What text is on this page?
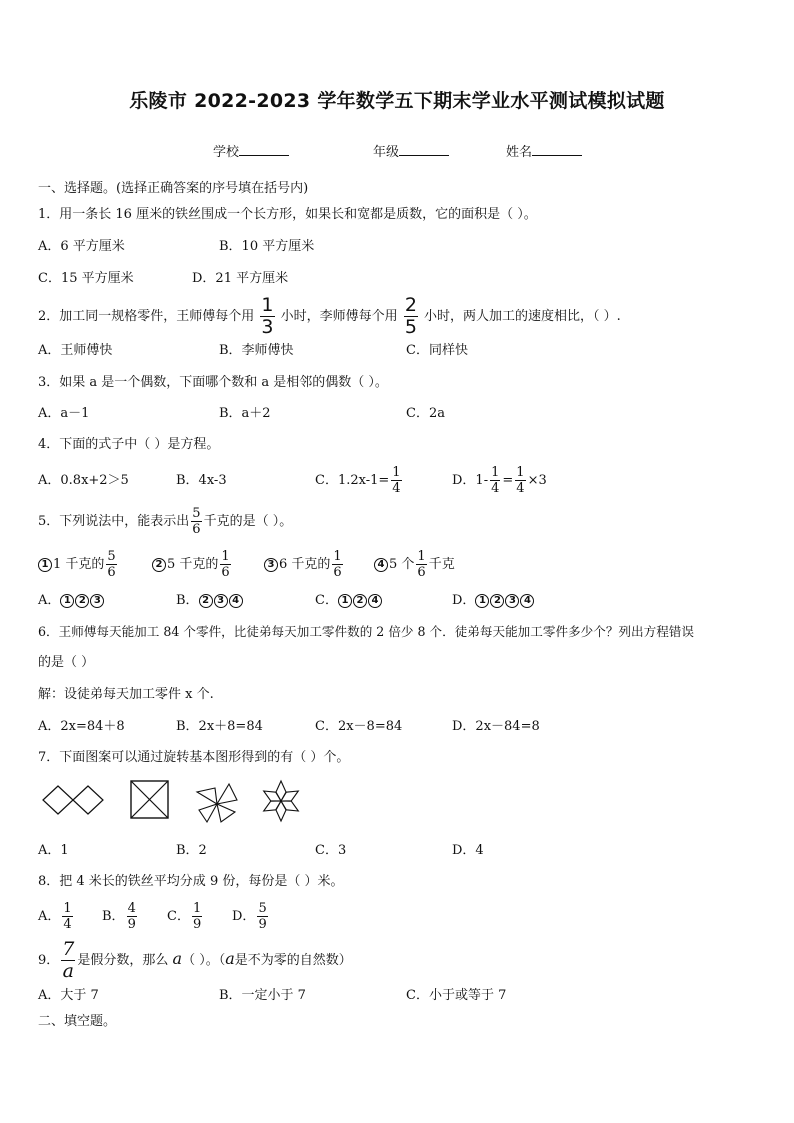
乐陵市 2022-2023 学年数学五下期末学业水平测试模拟试题
学校	年级	姓名
一、选择题。(选择正确答案的序号填在括号内)
1．用一条长 16 厘米的铁丝围成一个长方形，如果长和宽都是质数，它的面积是（ ）。
A．6 平方厘米	B．10 平方厘米
C．15 平方厘米	D．21 平方厘米
2．加工同一规格零件，王师傅每个用 $\frac{1}{3}$ 小时，李师傅每个用 $\frac{2}{5}$ 小时，两人加工的速度相比，（ ）.
A．王师傅快	B．李师傅快	C．同样快
3．如果 a 是一个偶数，下面哪个数和 a 是相邻的偶数（ ）。
A．a－1	B．a＋2	C．2a
4．下面的式子中（ ）是方程。
A．0.8x+2＞5	B．4x-3	C．$1.2x-1= \frac{1}{4}$	D．$1- \frac{1}{4} = \frac{1}{4} \times 3$
5．下列说法中，能表示出 $\frac{5}{6}$ 千克的是（ ）。
1 1 千克的 $\frac{5}{6}$	2 5 千克的 $\frac{1}{6}$	3 6 千克的 $\frac{1}{6}$	4 5 个 $\frac{1}{6}$ 千克
A． 1 2 3	B． 2 3 4	C． 1 2 4	D． 1 2 3 4
6．王师傅每天能加工 84 个零件，比徒弟每天加工零件数的 2 倍少 8 个．徒弟每天能加工零件多少个？列出方程错误
的是（ ）
解：设徒弟每天加工零件 x 个.
A．2x=84＋8	B．2x＋8=84	C．2x－8=84	D．2x－84=8
7．下面图案可以通过旋转基本图形得到的有（ ）个。
A．1	B．2	C．3	D．4
8．把 4 米长的铁丝平均分成 9 份，每份是（ ）米。
A． $\frac{1}{4}$ B． $\frac{4}{9}$ C． $\frac{1}{9}$ D． $\frac{5}{9}$
9． $\frac{7}{a}$ 是假分数，那么 a（ ）。（a是不为零的自然数）
A．大于 7	B．一定小于 7	C．小于或等于 7
二、填空题。
